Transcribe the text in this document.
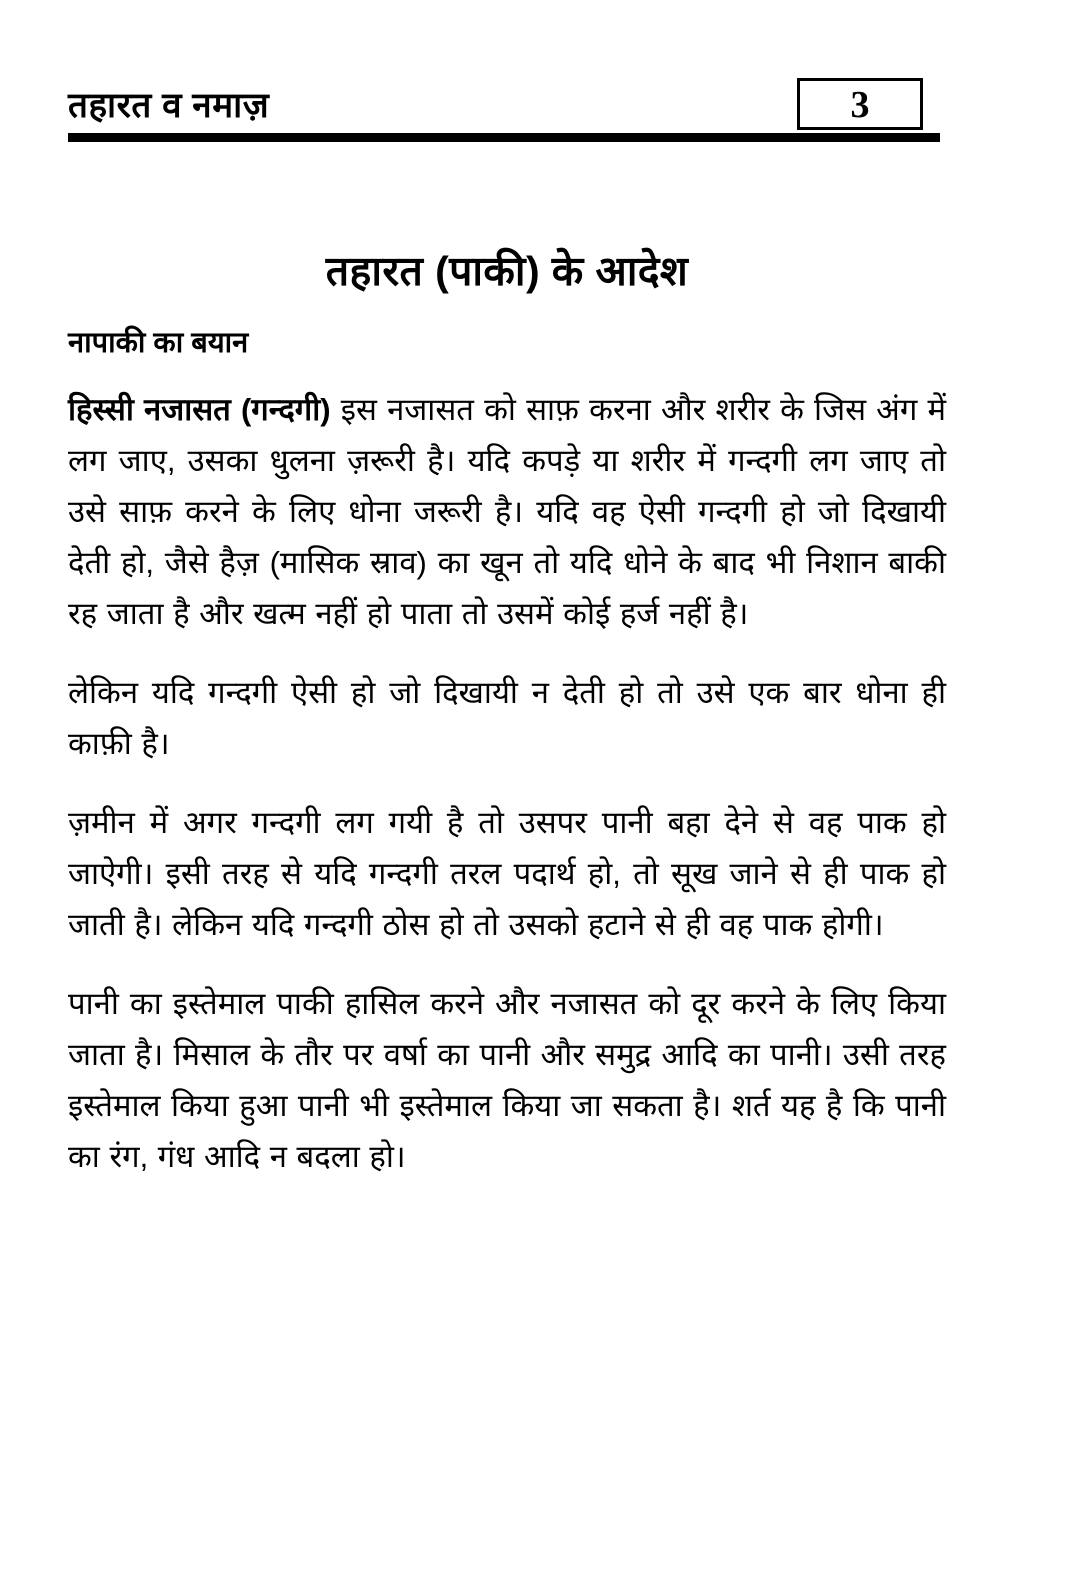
तहारत व नमाज़	3
तहारत (पाकी) के आदेश
नापाकी का बयान

हिस्सी नजासत (गन्दगी) इस नजासत को साफ़ करना और शरीर के जिस अंग में लग जाए, उसका धुलना ज़रूरी है। यदि कपड़े या शरीर में गन्दगी लग जाए तो उसे साफ़ करने के लिए धोना जरूरी है। यदि वह ऐसी गन्दगी हो जो दिखायी देती हो, जैसे हैज़ (मासिक स्राव) का खून तो यदि धोने के बाद भी निशान बाकी रह जाता है और खत्म नहीं हो पाता तो उसमें कोई हर्ज नहीं है।

लेकिन यदि गन्दगी ऐसी हो जो दिखायी न देती हो तो उसे एक बार धोना ही काफ़ी है।

ज़मीन में अगर गन्दगी लग गयी है तो उसपर पानी बहा देने से वह पाक हो जाऐगी। इसी तरह से यदि गन्दगी तरल पदार्थ हो, तो सूख जाने से ही पाक हो जाती है। लेकिन यदि गन्दगी ठोस हो तो उसको हटाने से ही वह पाक होगी।

पानी का इस्तेमाल पाकी हासिल करने और नजासत को दूर करने के लिए किया जाता है। मिसाल के तौर पर वर्षा का पानी और समुद्र आदि का पानी। उसी तरह इस्तेमाल किया हुआ पानी भी इस्तेमाल किया जा सकता है। शर्त यह है कि पानी का रंग, गंध आदि न बदला हो।
